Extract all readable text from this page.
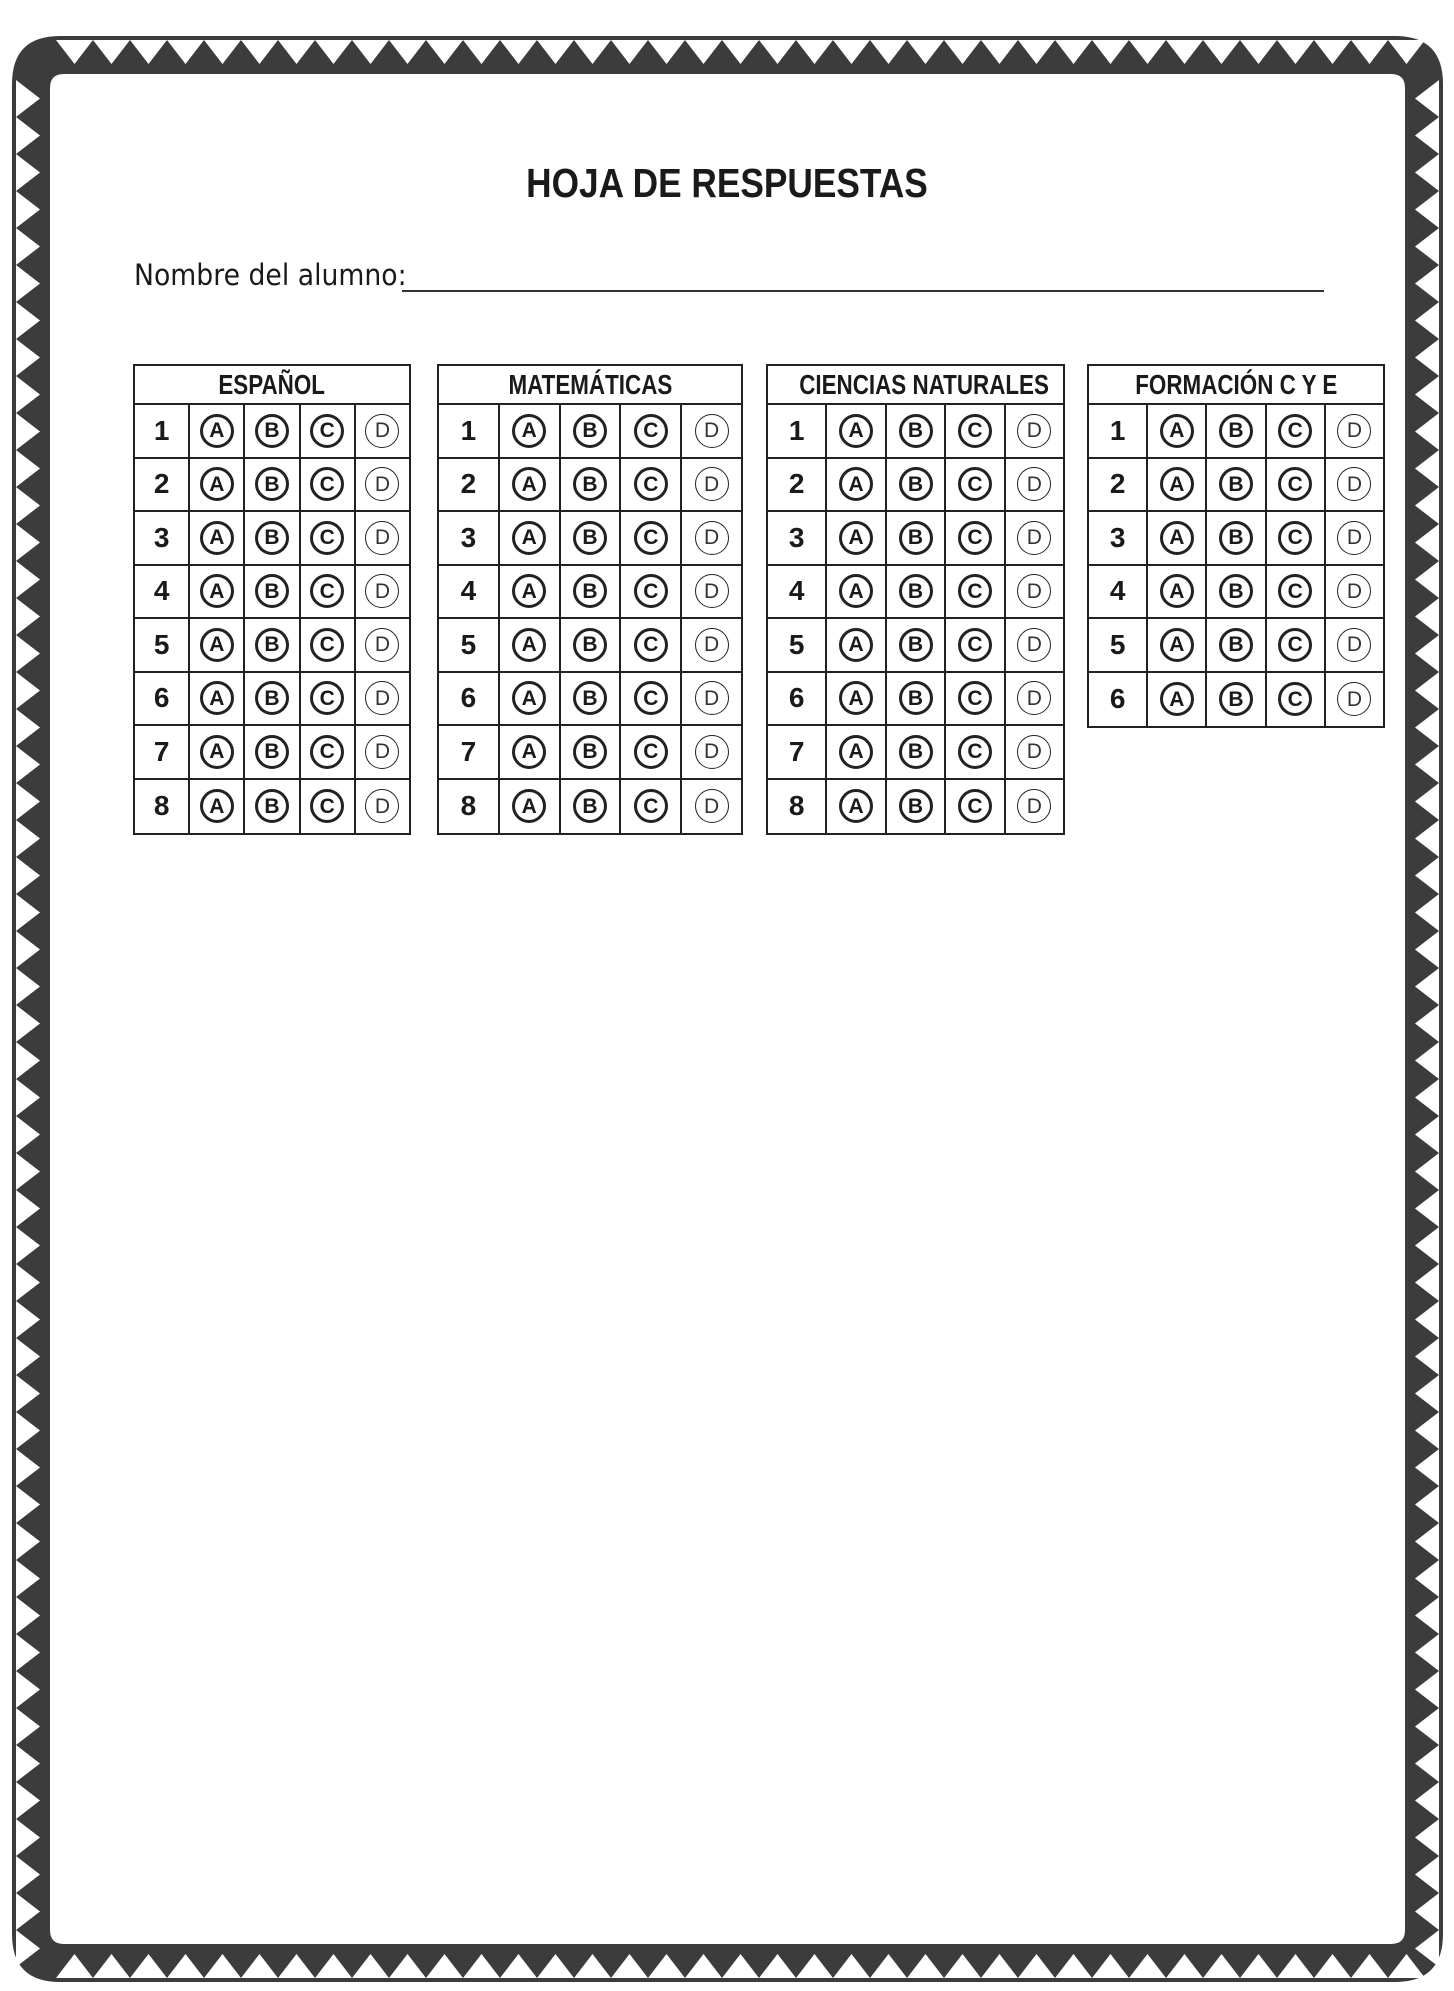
HOJA DE RESPUESTAS
Nombre del alumno:
ESPAÑOL
1	A	B	C	D
2	A	B	C	D
3	A	B	C	D
4	A	B	C	D
5	A	B	C	D
6	A	B	C	D
7	A	B	C	D
8	A	B	C	D
MATEMÁTICAS
1	A	B	C	D
2	A	B	C	D
3	A	B	C	D
4	A	B	C	D
5	A	B	C	D
6	A	B	C	D
7	A	B	C	D
8	A	B	C	D
CIENCIAS NATURALES
1	A	B	C	D
2	A	B	C	D
3	A	B	C	D
4	A	B	C	D
5	A	B	C	D
6	A	B	C	D
7	A	B	C	D
8	A	B	C	D
FORMACIÓN C Y E
1	A	B	C	D
2	A	B	C	D
3	A	B	C	D
4	A	B	C	D
5	A	B	C	D
6	A	B	C	D
